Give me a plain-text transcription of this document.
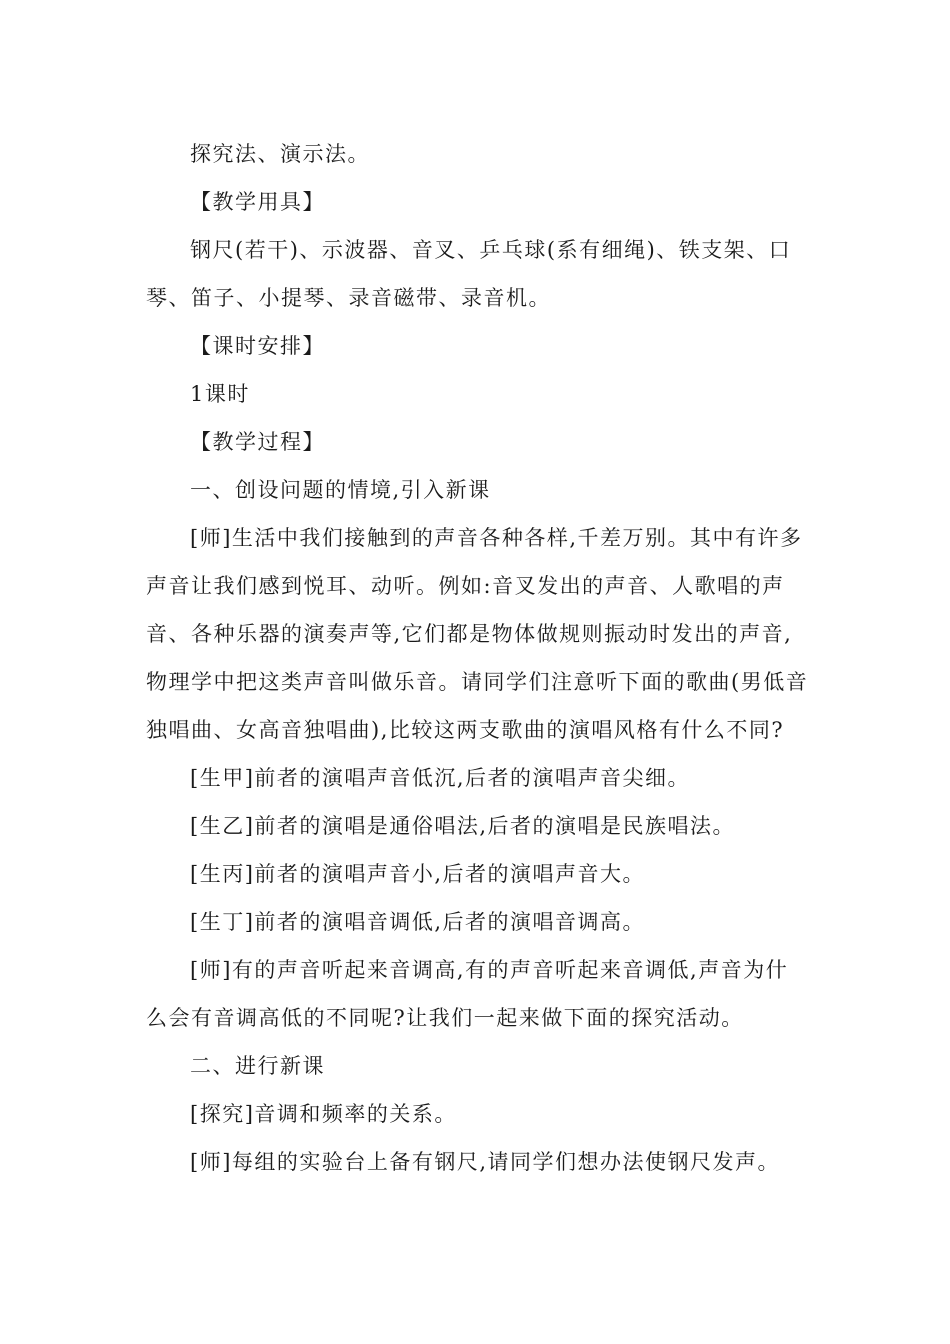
探究法、演示法。

【教学用具】

钢尺(若干)、示波器、音叉、乒乓球(系有细绳)、铁支架、口琴、笛子、小提琴、录音磁带、录音机。

【课时安排】

1课时

【教学过程】

一、创设问题的情境,引入新课

[师]生活中我们接触到的声音各种各样,千差万别。其中有许多声音让我们感到悦耳、动听。例如:音叉发出的声音、人歌唱的声音、各种乐器的演奏声等,它们都是物体做规则振动时发出的声音,物理学中把这类声音叫做乐音。请同学们注意听下面的歌曲(男低音独唱曲、女高音独唱曲),比较这两支歌曲的演唱风格有什么不同?

[生甲]前者的演唱声音低沉,后者的演唱声音尖细。

[生乙]前者的演唱是通俗唱法,后者的演唱是民族唱法。

[生丙]前者的演唱声音小,后者的演唱声音大。

[生丁]前者的演唱音调低,后者的演唱音调高。

[师]有的声音听起来音调高,有的声音听起来音调低,声音为什么会有音调高低的不同呢?让我们一起来做下面的探究活动。

二、进行新课

[探究]音调和频率的关系。

[师]每组的实验台上备有钢尺,请同学们想办法使钢尺发声。
